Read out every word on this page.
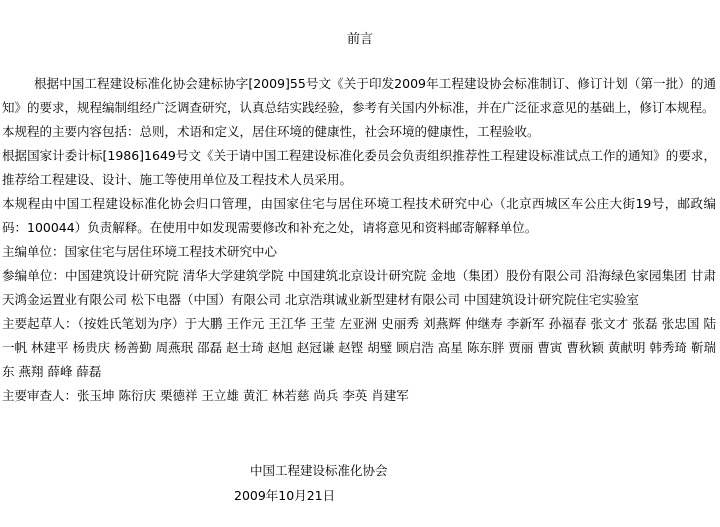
前言

根据中国工程建设标准化协会建标协字[2009]55号文《关于印发2009年工程建设协会标准制订、修订计划（第一批）的通知》的要求，规程编制组经广泛调查研究，认真总结实践经验，参考有关国内外标准，并在广泛征求意见的基础上，修订本规程。

本规程的主要内容包括：总则，术语和定义，居住环境的健康性，社会环境的健康性，工程验收。

根据国家计委计标[1986]1649号文《关于请中国工程建设标准化委员会负责组织推荐性工程建设标准试点工作的通知》的要求，推荐给工程建设、设计、施工等使用单位及工程技术人员采用。

本规程由中国工程建设标准化协会归口管理，由国家住宅与居住环境工程技术研究中心（北京西城区车公庄大街19号，邮政编码：100044）负责解释。在使用中如发现需要修改和补充之处，请将意见和资料邮寄解释单位。

主编单位：国家住宅与居住环境工程技术研究中心

参编单位：中国建筑设计研究院 清华大学建筑学院 中国建筑北京设计研究院 金地（集团）股份有限公司 沿海绿色家园集团 甘肃天鸿金运置业有限公司 松下电器（中国）有限公司 北京浩琪诚业新型建材有限公司 中国建筑设计研究院住宅实验室

主要起草人：（按姓氏笔划为序）于大鹏 王作元 王江华 王莹 左亚洲 史丽秀 刘燕辉 仲继寿 李新军 孙福春 张文才 张磊 张忠国 陆一帆 林建平 杨贵庆 杨善勤 周燕珉 邵磊 赵士琦 赵旭 赵冠谦 赵铿 胡璧 顾启浩 高星 陈东胖 贾丽 曹寅 曹秋颖 黄献明 韩秀琦 靳瑞东 燕翔 薛峰 薛磊

主要审查人：张玉坤 陈衍庆 栗德祥 王立雄 黄汇 林若慈 尚兵 李英 肖建军

中国工程建设标准化协会
2009年10月21日
